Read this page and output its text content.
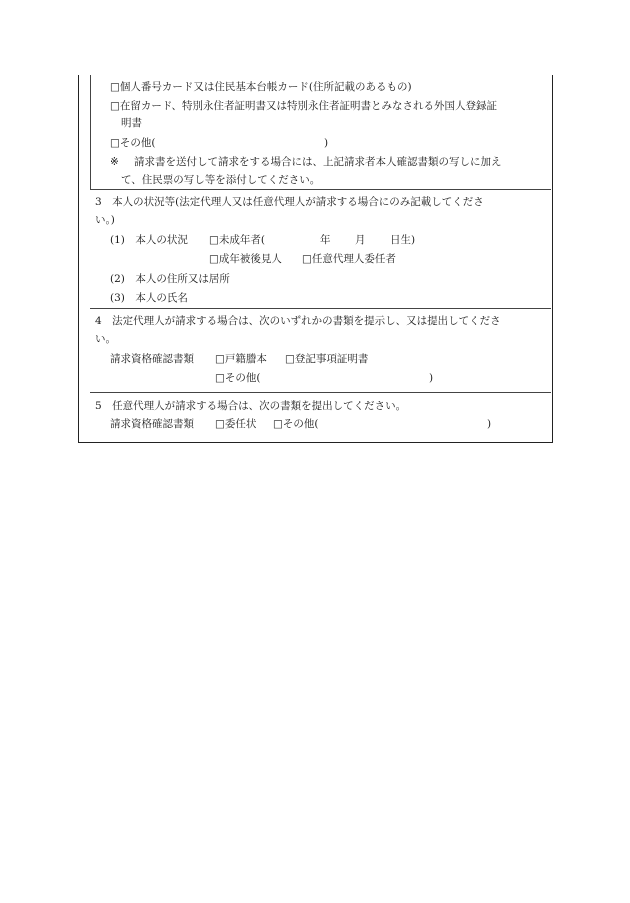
□個人番号カード又は住民基本台帳カード(住所記載のあるもの)
□在留カード、特別永住者証明書又は特別永住者証明書とみなされる外国人登録証
明書
□その他(	)
※ 請求書を送付して請求をする場合には、上記請求者本人確認書類の写しに加え
て、住民票の写し等を添付してください。
3　本人の状況等(法定代理人又は任意代理人が請求する場合にのみ記載してくださ
い。)
(1)　本人の状況 □未成年者(	年 月 日生)
□成年被後見人 □任意代理人委任者
(2)　本人の住所又は居所
(3)　本人の氏名
4　法定代理人が請求する場合は、次のいずれかの書類を提示し、又は提出してくださ
い。
請求資格確認書類 □戸籍謄本 □登記事項証明書
□その他(	)
5　任意代理人が請求する場合は、次の書類を提出してください。
請求資格確認書類 □委任状 □その他(	)
